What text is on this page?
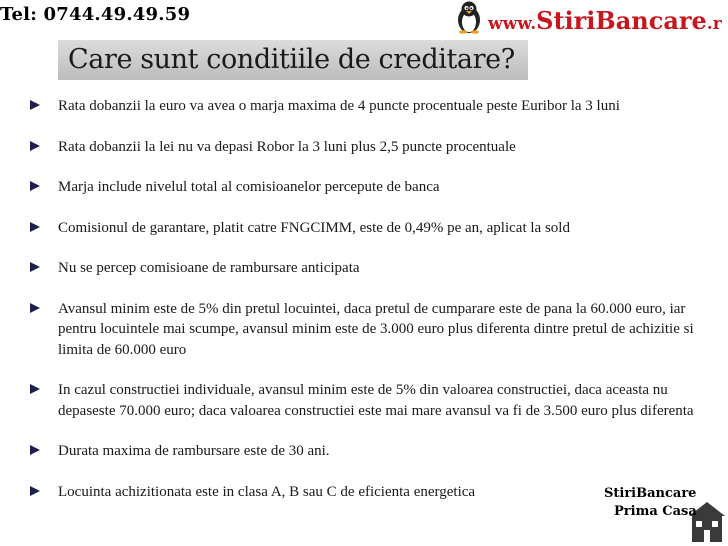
Tel: 0744.49.49.59	www.StiriBancare.r
Care sunt conditiile de creditare?
Rata dobanzii la euro va avea o marja maxima de 4 puncte procentuale peste Euribor la 3 luni
Rata dobanzii la lei nu va depasi Robor la 3 luni plus 2,5 puncte procentuale
Marja include nivelul total al comisioanelor percepute de banca
Comisionul de garantare, platit catre FNGCIMM, este de 0,49% pe an, aplicat la sold
Nu se percep comisioane de rambursare anticipata
Avansul minim este de 5% din pretul locuintei, daca pretul de cumparare este de pana la 60.000 euro, iar pentru locuintele mai scumpe, avansul minim este de 3.000 euro plus diferenta dintre pretul de achizitie si limita de 60.000 euro
In cazul constructiei individuale, avansul minim este de 5% din valoarea constructiei, daca aceasta nu depaseste 70.000 euro; daca valoarea constructiei este mai mare avansul va fi de 3.500 euro plus diferenta
Durata maxima de rambursare este de 30 ani.
Locuinta achizitionata este in clasa A, B sau C de eficienta energetica	StiriBancare
Prima Casa
